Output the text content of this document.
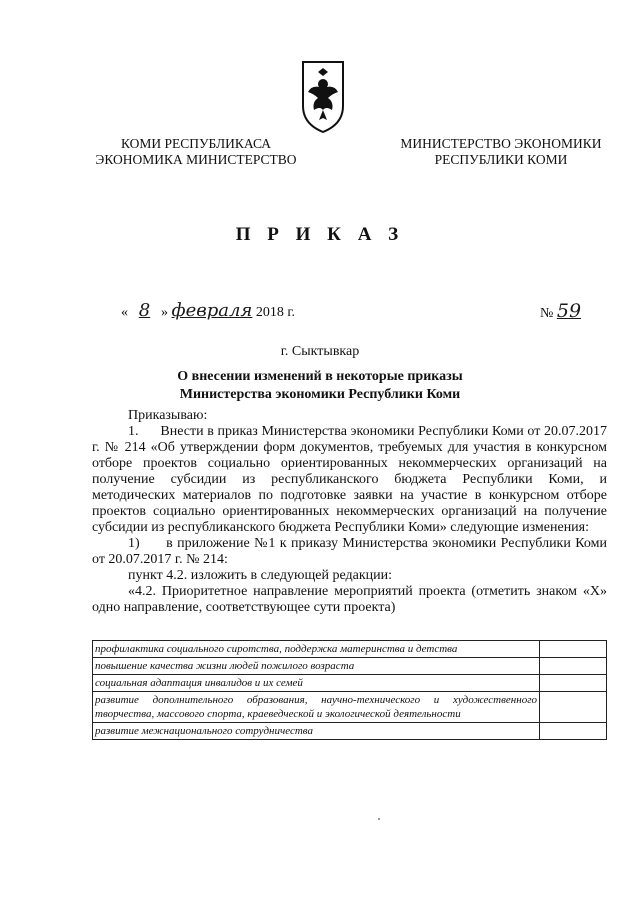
КОМИ РЕСПУБЛИКАСА
ЭКОНОМИКА МИНИСТЕРСТВО
МИНИСТЕРСТВО ЭКОНОМИКИ
РЕСПУБЛИКИ КОМИ
П Р И К А З
« 8 » февраля 2018 г.	№ 59
г. Сыктывкар
О внесении изменений в некоторые приказы
Министерства экономики Республики Коми

Приказываю:

1.      Внести в приказ Министерства экономики Республики Коми от 20.07.2017 г. № 214 «Об утверждении форм документов, требуемых для участия в конкурсном отборе проектов социально ориентированных некоммерческих организаций на получение субсидии из республиканского бюджета Республики Коми, и методических материалов по подготовке заявки на участие в конкурсном отборе проектов социально ориентированных некоммерческих организаций на получение субсидии из республиканского бюджета Республики Коми» следующие изменения:

1)      в приложение №1 к приказу Министерства экономики Республики Коми от 20.07.2017 г. № 214:

пункт 4.2. изложить в следующей редакции:

«4.2. Приоритетное направление мероприятий проекта (отметить знаком «Х» одно направление, соответствующее сути проекта)

профилактика социального сиротства, поддержка материнства и детства	
повышение качества жизни людей пожилого возраста	
социальная адаптация инвалидов и их семей	
развитие дополнительного образования, научно-технического и художественного творчества, массового спорта, краеведческой и экологической деятельности	
развитие межнационального сотрудничества	
